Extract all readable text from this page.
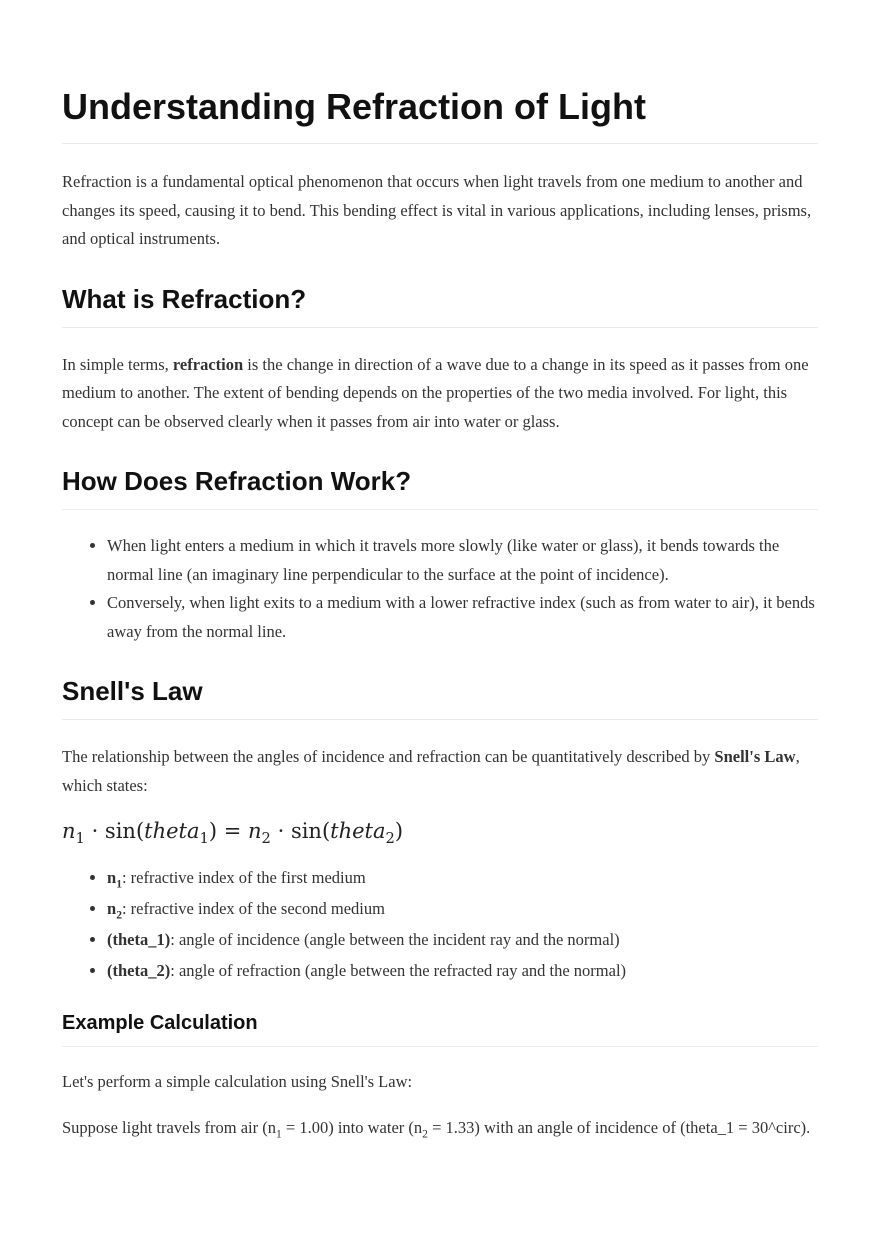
Understanding Refraction of Light

Refraction is a fundamental optical phenomenon that occurs when light travels from one medium to another and changes its speed, causing it to bend. This bending effect is vital in various applications, including lenses, prisms, and optical instruments.

What is Refraction?

In simple terms, refraction is the change in direction of a wave due to a change in its speed as it passes from one medium to another. The extent of bending depends on the properties of the two media involved. For light, this concept can be observed clearly when it passes from air into water or glass.

How Does Refraction Work?
• When light enters a medium in which it travels more slowly (like water or glass), it bends towards the normal line (an imaginary line perpendicular to the surface at the point of incidence).
• Conversely, when light exits to a medium with a lower refractive index (such as from water to air), it bends away from the normal line.
Snell's Law

The relationship between the angles of incidence and refraction can be quantitatively described by Snell's Law, which states:

$n_1$ · sin(theta$_1$) = $n_2$ · sin(theta$_2$)
• $n_1$: refractive index of the first medium
• $n_2$: refractive index of the second medium
• (theta_1): angle of incidence (angle between the incident ray and the normal)
• (theta_2): angle of refraction (angle between the refracted ray and the normal)
Example Calculation

Let's perform a simple calculation using Snell's Law:

Suppose light travels from air $(n_1 = 1.00)$ into water $(n_2 = 1.33)$ with an angle of incidence of (theta_1 = 30^circ).
